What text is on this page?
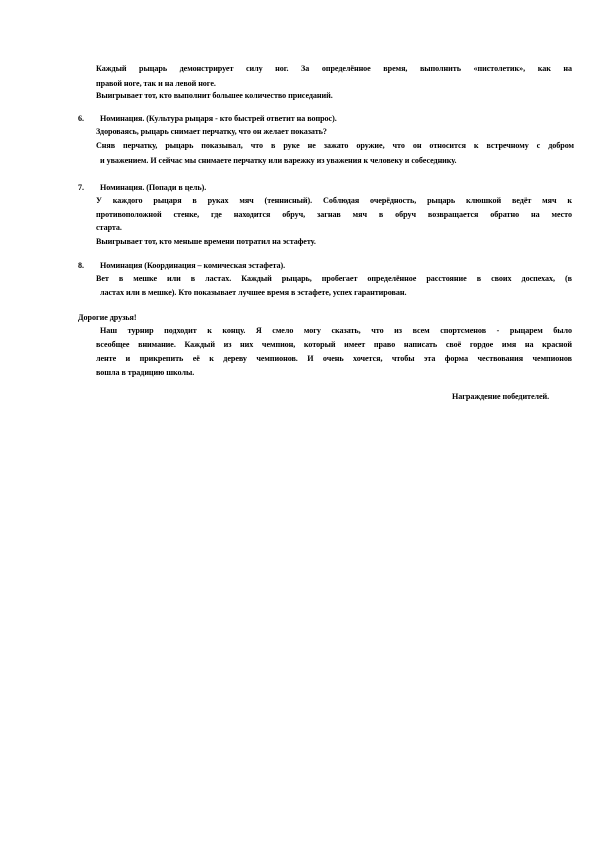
Каждый рыцарь демонстрирует силу ног. За определённое время, выполнить «пистолетик», как на
правой ноге, так и на левой ноге.
Выигрывает тот, кто выполнит большее количество приседаний.
6. Номинация. (Культура рыцаря - кто быстрей ответит на вопрос).
Здороваясь, рыцарь снимает перчатку, что он желает показать?
Сняв перчатку, рыцарь показывал, что в руке не зажато оружие, что он относится к встречному с добром
и уважением. И сейчас мы снимаете перчатку или варежку из уважения к человеку и собеседнику.
7. Номинация. (Попади в цель).
У каждого рыцаря в руках мяч (теннисный). Соблюдая очерёдность, рыцарь клюшкой ведёт мяч к
противоположной стенке, где находится обруч, загнав мяч в обруч возвращается обратно на место
старта.
Выигрывает тот, кто меньше времени потратил на эстафету.
8. Номинация (Координация – комическая эстафета).
Вет в мешке или в ластах. Каждый рыцарь, пробегает определённое расстояние в своих доспехах, (в
ластах или в мешке). Кто показывает лучшее время в эстафете, успех гарантирован.
Дорогие друзья!
Наш турнир подходит к концу. Я смело могу сказать, что из всем спортсменов - рыцарем было
всеобщее внимание. Каждый из них чемпион, который имеет право написать своё гордое имя на красной
ленте и прикрепить её к дереву чемпионов. И очень хочется, чтобы эта форма чествования чемпионов
вошла в традицию школы.
Награждение победителей.
